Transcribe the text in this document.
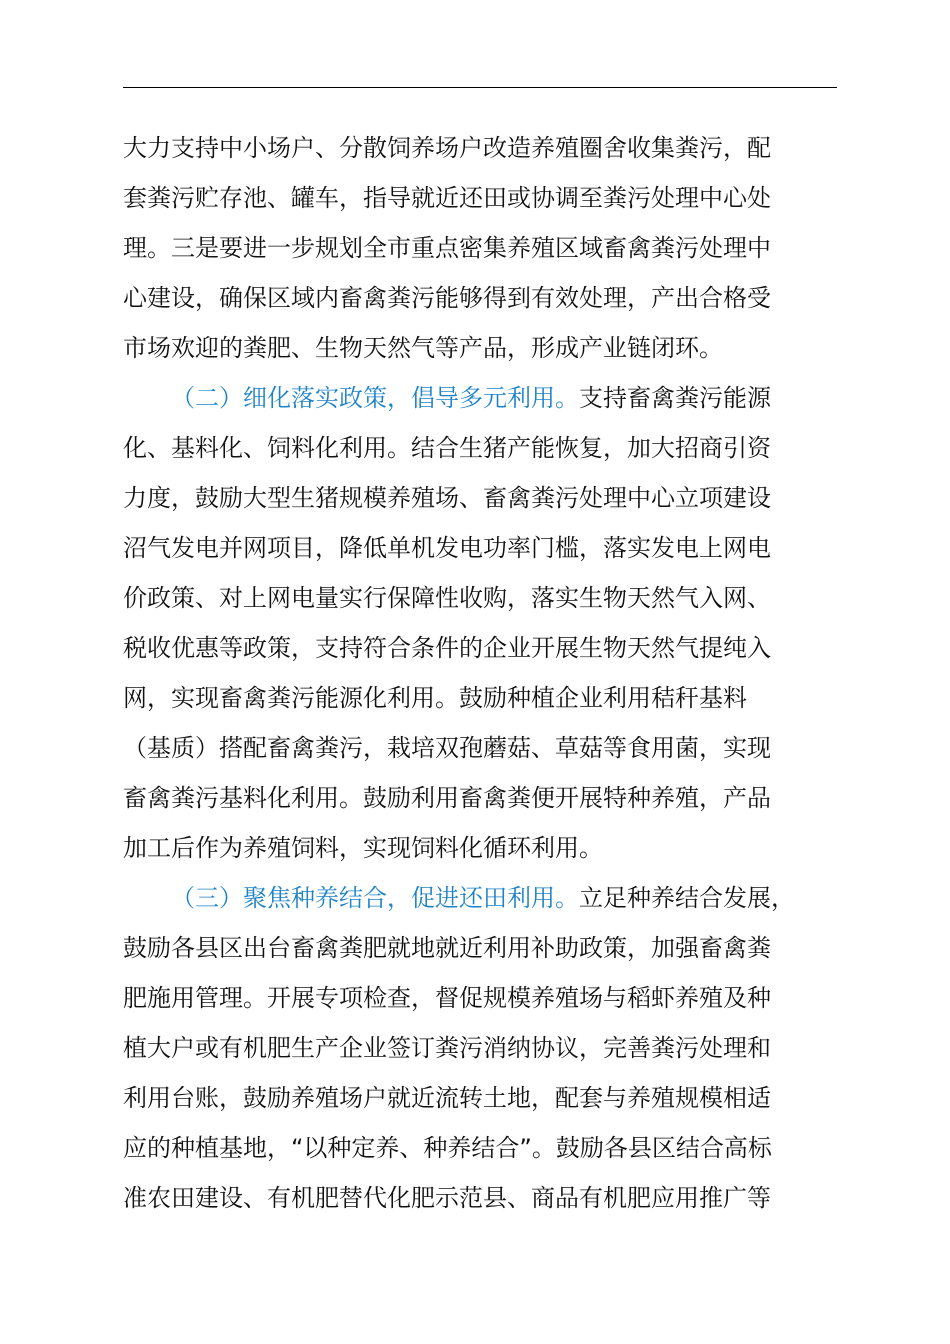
大力支持中小场户、分散饲养场户改造养殖圈舍收集粪污，配
套粪污贮存池、罐车，指导就近还田或协调至粪污处理中心处
理。三是要进一步规划全市重点密集养殖区域畜禽粪污处理中
心建设，确保区域内畜禽粪污能够得到有效处理，产出合格受
市场欢迎的粪肥、生物天然气等产品，形成产业链闭环。
（二）细化落实政策，倡导多元利用。支持畜禽粪污能源
化、基料化、饲料化利用。结合生猪产能恢复，加大招商引资
力度，鼓励大型生猪规模养殖场、畜禽粪污处理中心立项建设
沼气发电并网项目，降低单机发电功率门槛，落实发电上网电
价政策、对上网电量实行保障性收购，落实生物天然气入网、
税收优惠等政策，支持符合条件的企业开展生物天然气提纯入
网，实现畜禽粪污能源化利用。鼓励种植企业利用秸秆基料
（基质）搭配畜禽粪污，栽培双孢蘑菇、草菇等食用菌，实现
畜禽粪污基料化利用。鼓励利用畜禽粪便开展特种养殖，产品
加工后作为养殖饲料，实现饲料化循环利用。
（三）聚焦种养结合，促进还田利用。立足种养结合发展，
鼓励各县区出台畜禽粪肥就地就近利用补助政策，加强畜禽粪
肥施用管理。开展专项检查，督促规模养殖场与稻虾养殖及种
植大户或有机肥生产企业签订粪污消纳协议，完善粪污处理和
利用台账，鼓励养殖场户就近流转土地，配套与养殖规模相适
应的种植基地，“以种定养、种养结合”。鼓励各县区结合高标
准农田建设、有机肥替代化肥示范县、商品有机肥应用推广等
